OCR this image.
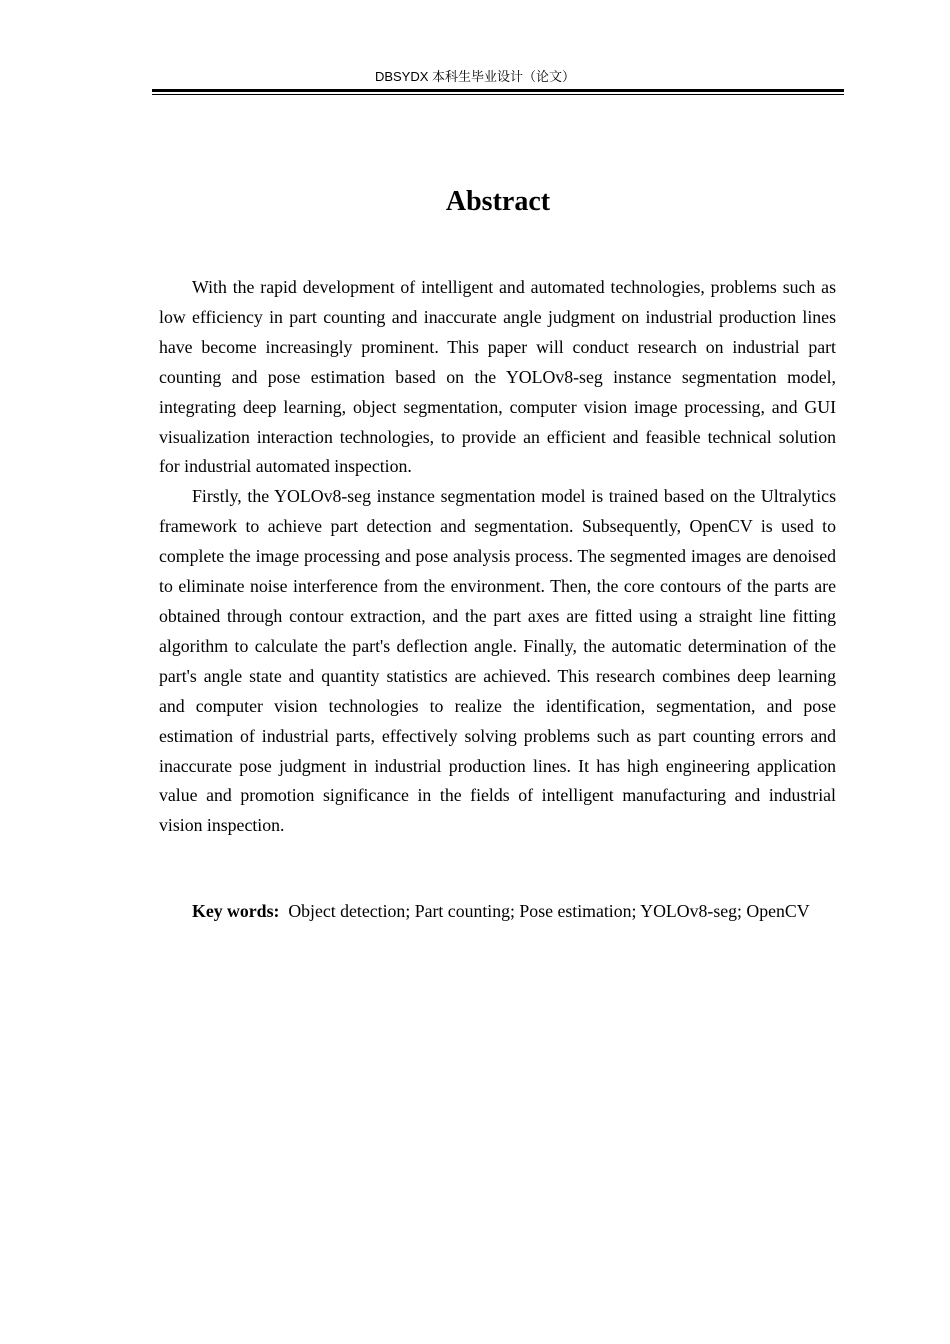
DBSYDX 本科生毕业设计（论文）
Abstract

With the rapid development of intelligent and automated technologies, problems such as low efficiency in part counting and inaccurate angle judgment on industrial production lines have become increasingly prominent. This paper will conduct research on industrial part counting and pose estimation based on the YOLOv8-seg instance segmentation model, integrating deep learning, object segmentation, computer vision image processing, and GUI visualization interaction technologies, to provide an efficient and feasible technical solution for industrial automated inspection.

Firstly, the YOLOv8-seg instance segmentation model is trained based on the Ultralytics framework to achieve part detection and segmentation. Subsequently, OpenCV is used to complete the image processing and pose analysis process. The segmented images are denoised to eliminate noise interference from the environment. Then, the core contours of the parts are obtained through contour extraction, and the part axes are fitted using a straight line fitting algorithm to calculate the part's deflection angle. Finally, the automatic determination of the part's angle state and quantity statistics are achieved. This research combines deep learning and computer vision technologies to realize the identification, segmentation, and pose estimation of industrial parts, effectively solving problems such as part counting errors and inaccurate pose judgment in industrial production lines. It has high engineering application value and promotion significance in the fields of intelligent manufacturing and industrial vision inspection.

Key words: Object detection; Part counting; Pose estimation; YOLOv8-seg; OpenCV
